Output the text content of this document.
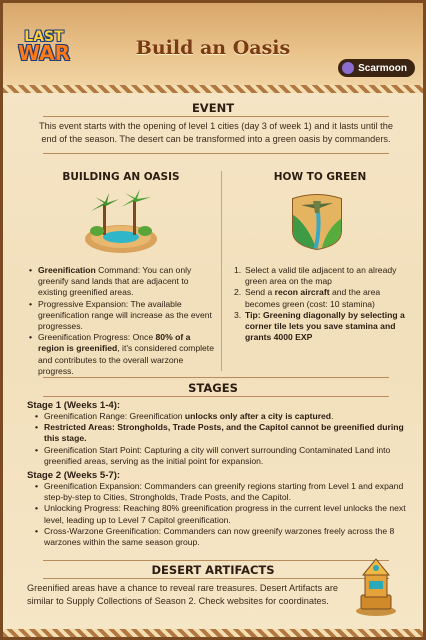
LAST
WAR	Build an Oasis
Scarmoon
EVENT
This event starts with the opening of level 1 cities (day 3 of week 1) and it lasts until the end of the season. The desert can be transformed into a green oasis by commanders.
BUILDING AN OASIS	HOW TO GREEN
• Greenification Command: You can only greenify sand lands that are adjacent to existing greenified areas.
• Progressive Expansion: The available greenification range will increase as the event progresses.
• Greenification Progress: Once 80% of a region is greenified, it's considered complete and contributes to the overall warzone progress.
1. Select a valid tile adjacent to an already green area on the map
2. Send a recon aircraft and the area becomes green (cost: 10 stamina)
3. Tip: Greening diagonally by selecting a corner tile lets you save stamina and grants 4000 EXP
STAGES
Stage 1 (Weeks 1-4):
• Greenification Range: Greenification unlocks only after a city is captured.
• Restricted Areas: Strongholds, Trade Posts, and the Capitol cannot be greenified during this stage.
• Greenification Start Point: Capturing a city will convert surrounding Contaminated Land into greenified areas, serving as the initial point for expansion.
Stage 2 (Weeks 5-7):
• Greenification Expansion: Commanders can greenify regions starting from Level 1 and expand step-by-step to Cities, Strongholds, Trade Posts, and the Capitol.
• Unlocking Progress: Reaching 80% greenification progress in the current level unlocks the next level, leading up to Level 7 Capitol greenification.
• Cross-Warzone Greenification: Commanders can now greenify warzones freely across the 8 warzones within the same season group.
DESERT ARTIFACTS
Greenified areas have a chance to reveal rare treasures. Desert Artifacts are similar to Supply Collections of Season 2. Check websites for coordinates.
